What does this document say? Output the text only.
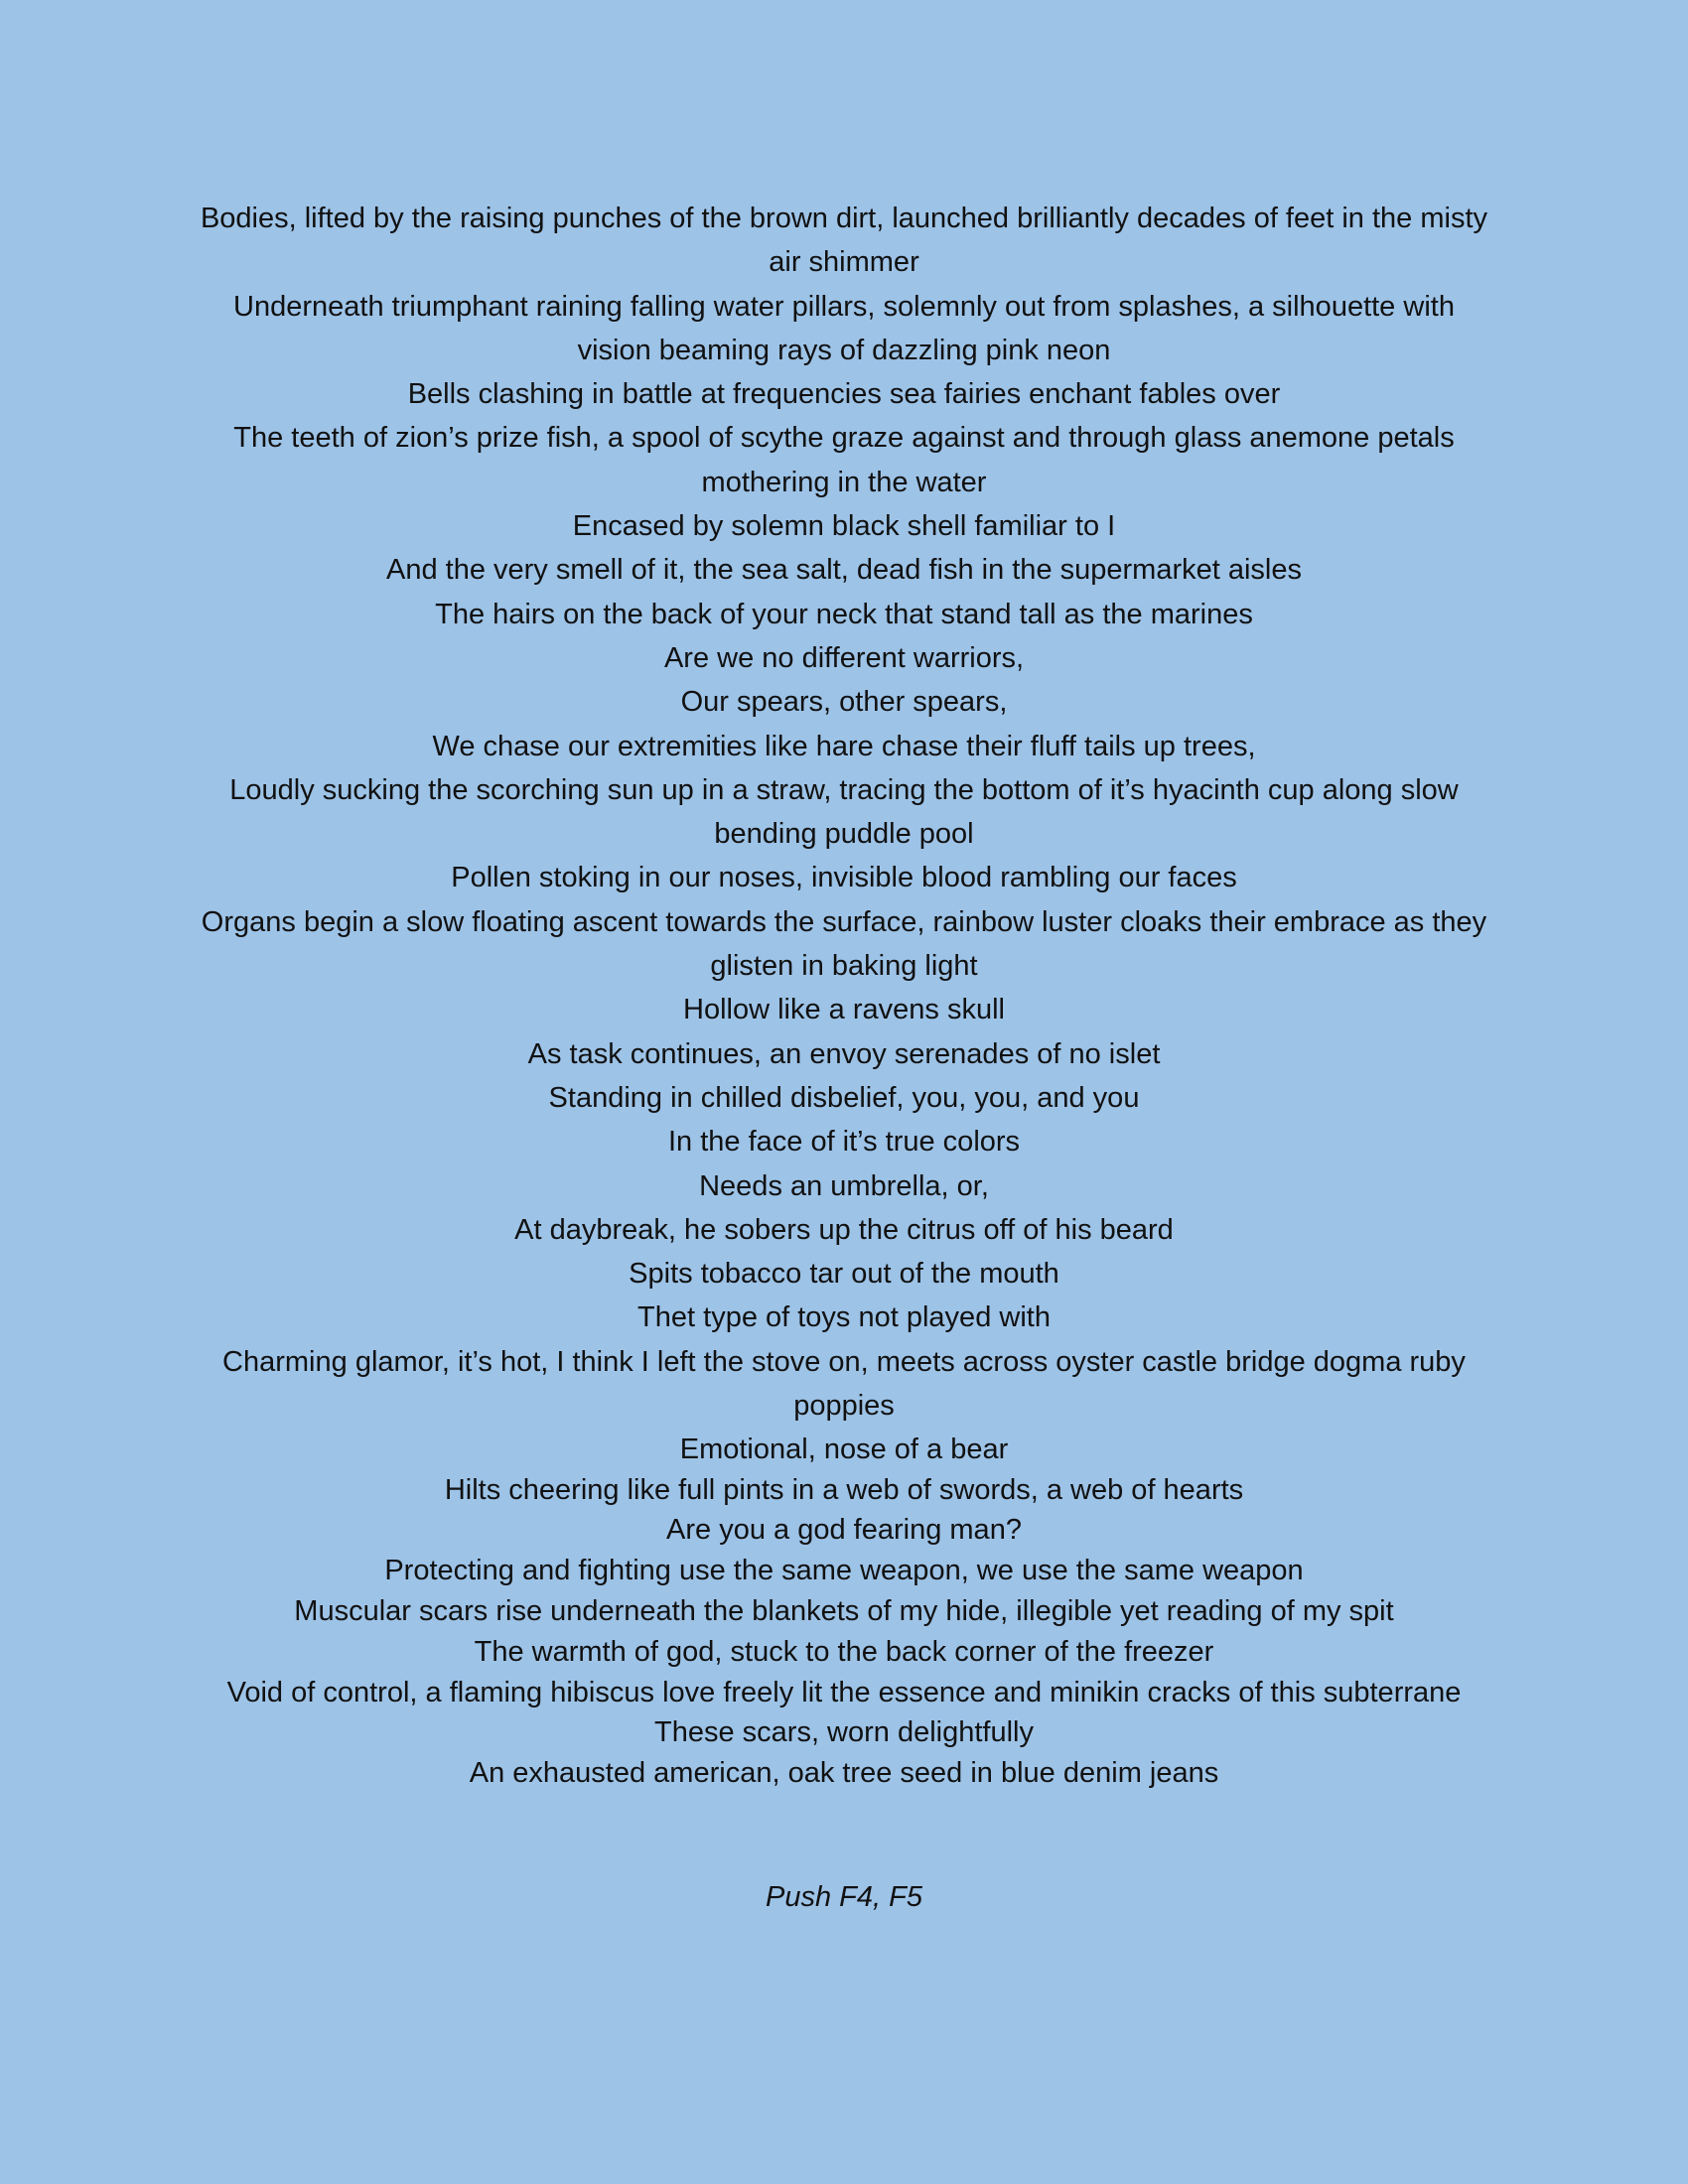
Bodies, lifted by the raising punches of the brown dirt, launched brilliantly decades of feet in the misty air shimmer
Underneath triumphant raining falling water pillars, solemnly out from splashes, a silhouette with vision beaming rays of dazzling pink neon
Bells clashing in battle at frequencies sea fairies enchant fables over
The teeth of zion’s prize fish, a spool of scythe graze against and through glass anemone petals mothering in the water
Encased by solemn black shell familiar to I
And the very smell of it, the sea salt, dead fish in the supermarket aisles
The hairs on the back of your neck that stand tall as the marines
Are we no different warriors,
Our spears, other spears,
We chase our extremities like hare chase their fluff tails up trees,
Loudly sucking the scorching sun up in a straw, tracing the bottom of it’s hyacinth cup along slow bending puddle pool
Pollen stoking in our noses, invisible blood rambling our faces
Organs begin a slow floating ascent towards the surface, rainbow luster cloaks their embrace as they glisten in baking light
Hollow like a ravens skull
As task continues, an envoy serenades of no islet
Standing in chilled disbelief, you, you, and you
In the face of it’s true colors
Needs an umbrella, or,
At daybreak, he sobers up the citrus off of his beard
Spits tobacco tar out of the mouth
Thet type of toys not played with
Charming glamor, it’s hot, I think I left the stove on, meets across oyster castle bridge dogma ruby poppies
Emotional, nose of a bear
Hilts cheering like full pints in a web of swords, a web of hearts
Are you a god fearing man?
Protecting and fighting use the same weapon, we use the same weapon
Muscular scars rise underneath the blankets of my hide, illegible yet reading of my spit
The warmth of god, stuck to the back corner of the freezer
Void of control, a flaming hibiscus love freely lit the essence and minikin cracks of this subterrane
These scars, worn delightfully
An exhausted american, oak tree seed in blue denim jeans
Push F4, F5
